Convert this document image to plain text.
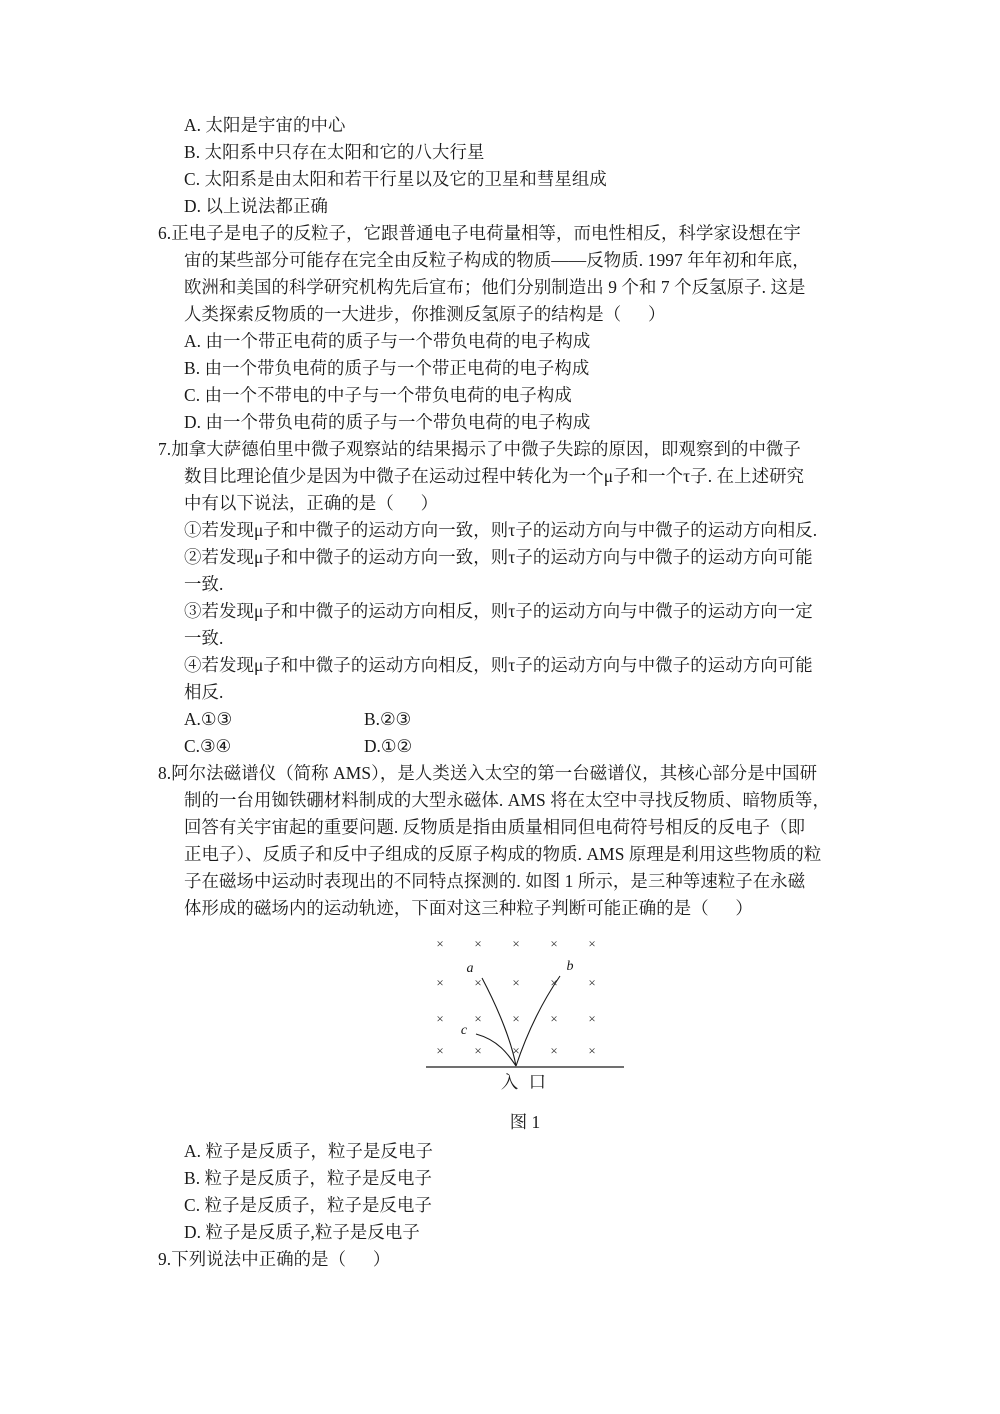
A. 太阳是宇宙的中心
B. 太阳系中只存在太阳和它的八大行星
C. 太阳系是由太阳和若干行星以及它的卫星和彗星组成
D. 以上说法都正确
6.正电子是电子的反粒子，它跟普通电子电荷量相等，而电性相反，科学家设想在宇
宙的某些部分可能存在完全由反粒子构成的物质——反物质. 1997 年年初和年底，
欧洲和美国的科学研究机构先后宣布；他们分别制造出 9 个和 7 个反氢原子. 这是
人类探索反物质的一大进步，你推测反氢原子的结构是（      ）
A. 由一个带正电荷的质子与一个带负电荷的电子构成
B. 由一个带负电荷的质子与一个带正电荷的电子构成
C. 由一个不带电的中子与一个带负电荷的电子构成
D. 由一个带负电荷的质子与一个带负电荷的电子构成
7.加拿大萨德伯里中微子观察站的结果揭示了中微子失踪的原因，即观察到的中微子
数目比理论值少是因为中微子在运动过程中转化为一个μ子和一个τ子. 在上述研究
中有以下说法，正确的是（      ）
①若发现μ子和中微子的运动方向一致，则τ子的运动方向与中微子的运动方向相反.
②若发现μ子和中微子的运动方向一致，则τ子的运动方向与中微子的运动方向可能
一致.
③若发现μ子和中微子的运动方向相反，则τ子的运动方向与中微子的运动方向一定
一致.
④若发现μ子和中微子的运动方向相反，则τ子的运动方向与中微子的运动方向可能
相反.
A.①③	B.②③
C.③④	D.①②
8.阿尔法磁谱仪（简称 AMS），是人类送入太空的第一台磁谱仪，其核心部分是中国研
制的一台用铷铁硼材料制成的大型永磁体. AMS 将在太空中寻找反物质、暗物质等，
回答有关宇宙起的重要问题. 反物质是指由质量相同但电荷符号相反的反电子（即
正电子）、反质子和反中子组成的反原子构成的物质. AMS 原理是利用这些物质的粒
子在磁场中运动时表现出的不同特点探测的. 如图 1 所示，是三种等速粒子在永磁
体形成的磁场内的运动轨迹，下面对这三种粒子判断可能正确的是（      ）
× × × × ×
× × × × ×
× × × × ×
× × × × ×
a	b
c
入 口
图 1
A. 粒子是反质子，粒子是反电子
B. 粒子是反质子，粒子是反电子
C. 粒子是反质子，粒子是反电子
D. 粒子是反质子,粒子是反电子
9.下列说法中正确的是（      ）
